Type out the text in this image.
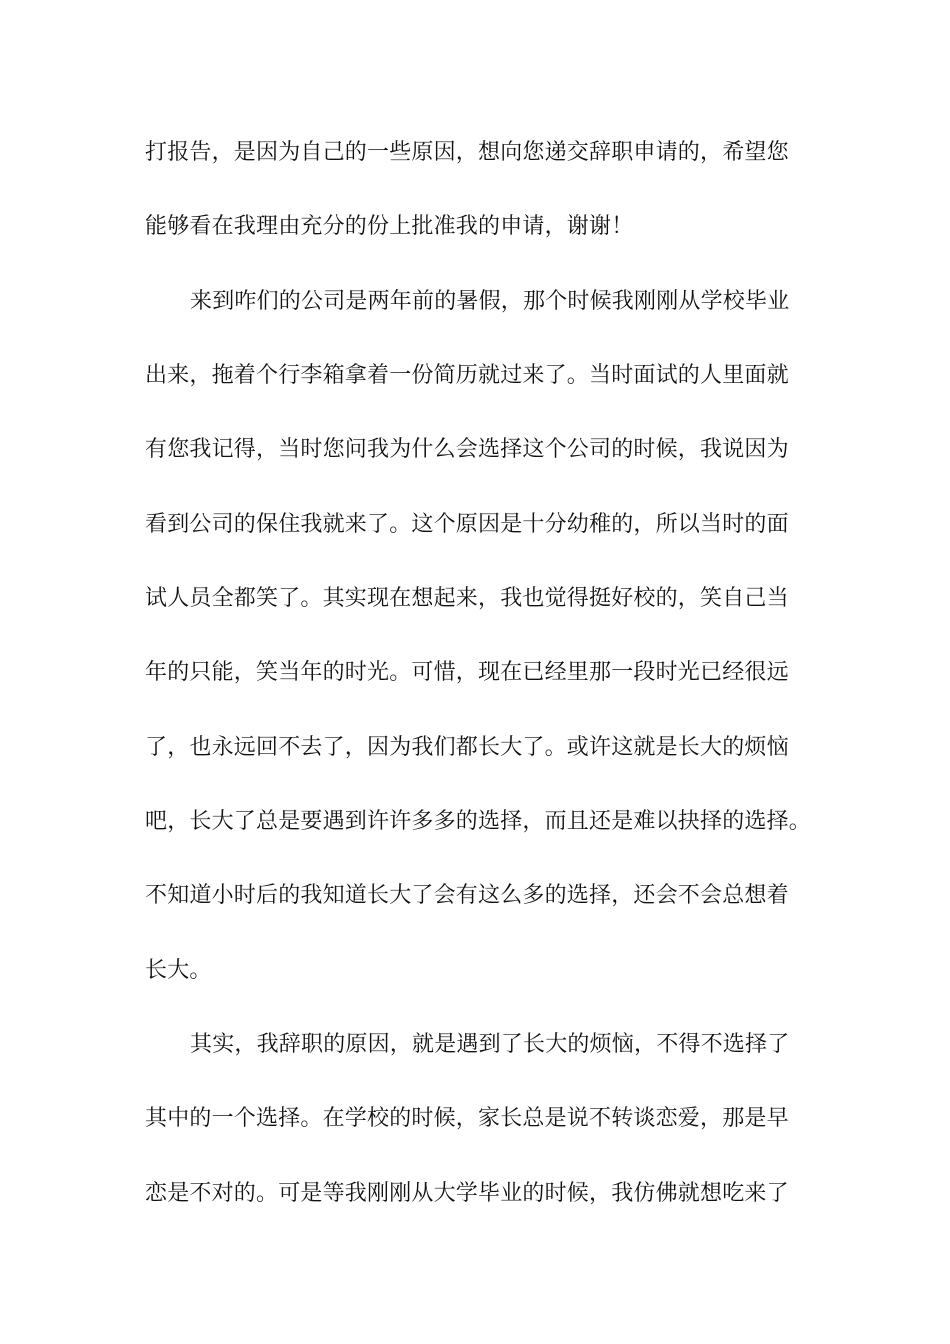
打报告，是因为自己的一些原因，想向您递交辞职申请的，希望您
能够看在我理由充分的份上批准我的申请，谢谢！
来到咋们的公司是两年前的暑假，那个时候我刚刚从学校毕业
出来，拖着个行李箱拿着一份简历就过来了。当时面试的人里面就
有您我记得，当时您问我为什么会选择这个公司的时候，我说因为
看到公司的保住我就来了。这个原因是十分幼稚的，所以当时的面
试人员全都笑了。其实现在想起来，我也觉得挺好校的，笑自己当
年的只能，笑当年的时光。可惜，现在已经里那一段时光已经很远
了，也永远回不去了，因为我们都长大了。或许这就是长大的烦恼
吧，长大了总是要遇到许许多多的选择，而且还是难以抉择的选择。
不知道小时后的我知道长大了会有这么多的选择，还会不会总想着
长大。
其实，我辞职的原因，就是遇到了长大的烦恼，不得不选择了
其中的一个选择。在学校的时候，家长总是说不转谈恋爱，那是早
恋是不对的。可是等我刚刚从大学毕业的时候，我仿佛就想吃来了
